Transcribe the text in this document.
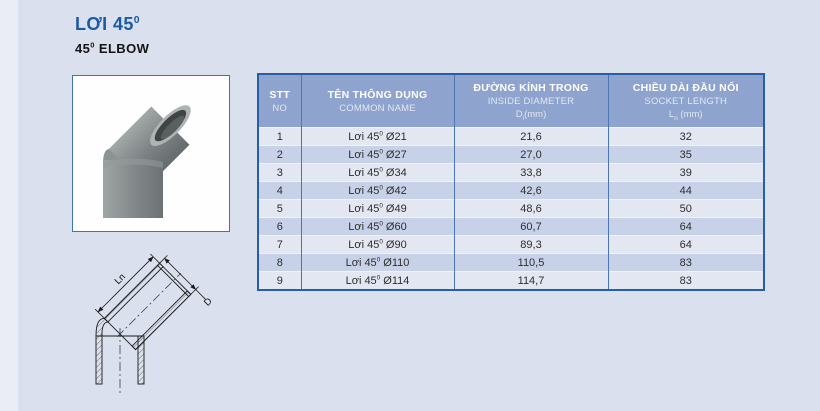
LƠI $45^0$
$45^0$ ELBOW
Ln
D
STT
NO

TÊN THÔNG DỤNG
COMMON NAME

ĐƯỜNG KÍNH TRONG
INSIDE DIAMETER
$D_i(mm)$

CHIỀU DÀI ĐẦU NỐI
SOCKET LENGTH
$L_n$ (mm)

1	Lơi $45^0$ Ø21	21,6	32
2	Lơi $45^0$ Ø27	27,0	35
3	Lơi $45^0$ Ø34	33,8	39
4	Lơi $45^0$ Ø42	42,6	44
5	Lơi $45^0$ Ø49	48,6	50
6	Lơi $45^0$ Ø60	60,7	64
7	Lơi $45^0$ Ø90	89,3	64
8	Lơi $45^0$ Ø110	110,5	83
9	Lơi $45^0$ Ø114	114,7	83
